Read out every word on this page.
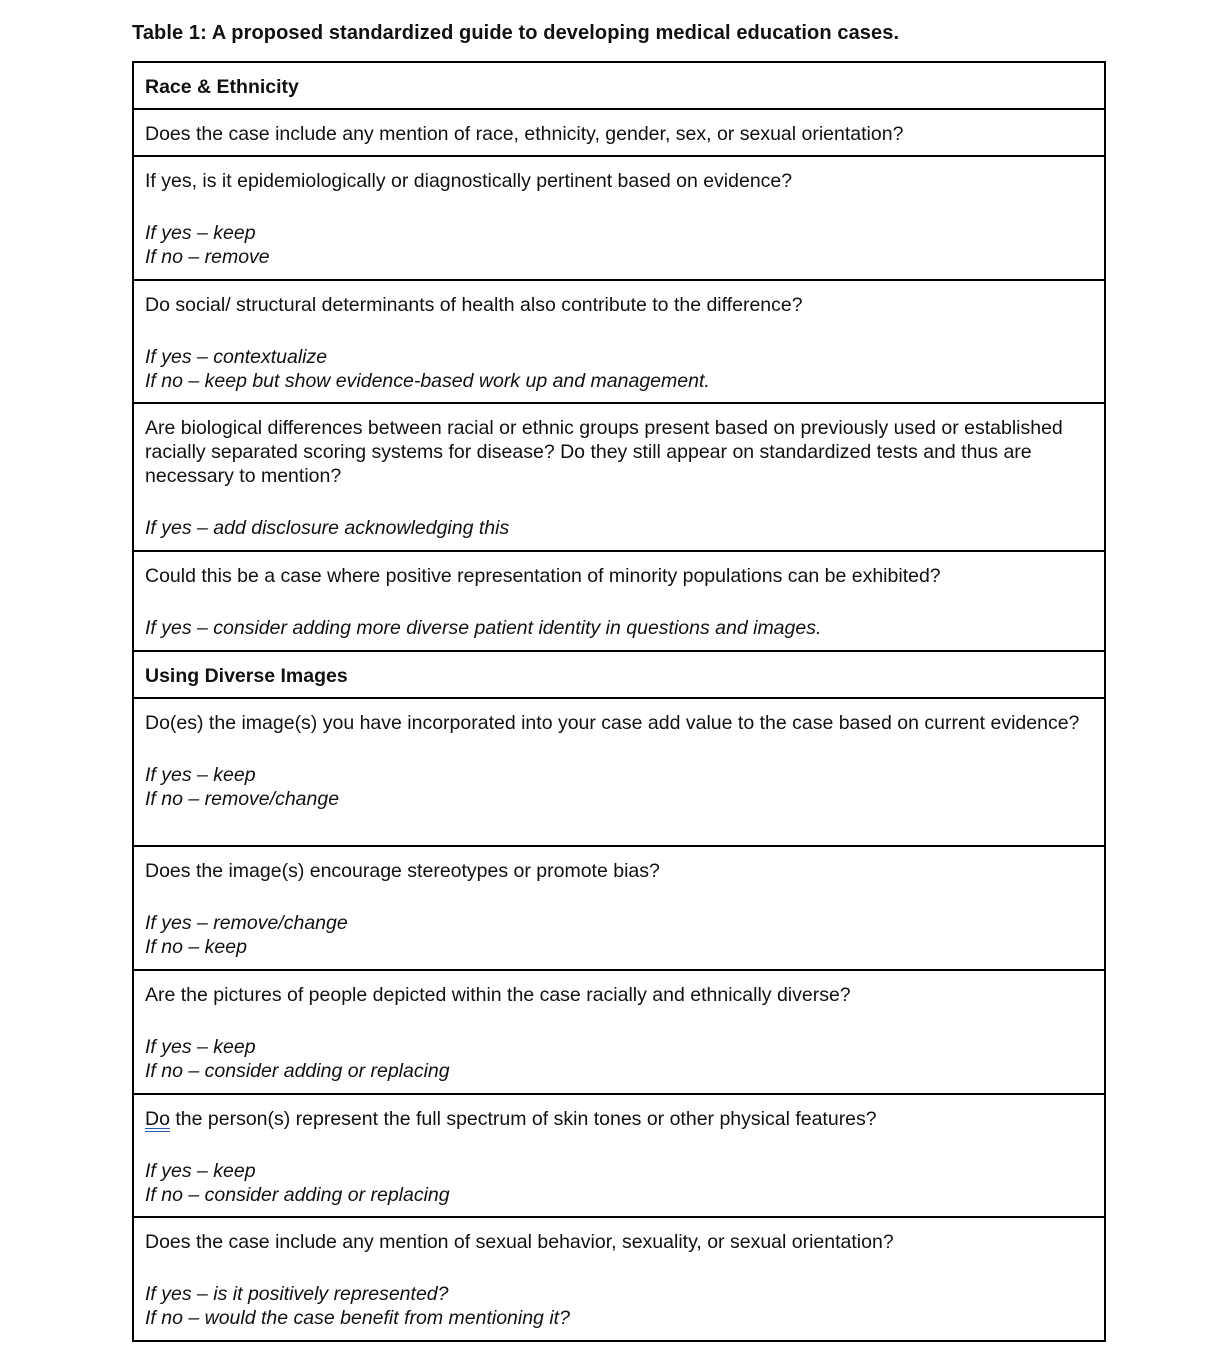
Table 1: A proposed standardized guide to developing medical education cases.
Race & Ethnicity
Does the case include any mention of race, ethnicity, gender, sex, or sexual orientation?
If yes, is it epidemiologically or diagnostically pertinent based on evidence?
If yes – keep
If no – remove
Do social/ structural determinants of health also contribute to the difference?
If yes – contextualize
If no – keep but show evidence-based work up and management.
Are biological differences between racial or ethnic groups present based on previously used or established racially separated scoring systems for disease? Do they still appear on standardized tests and thus are necessary to mention?
If yes – add disclosure acknowledging this
Could this be a case where positive representation of minority populations can be exhibited?
If yes – consider adding more diverse patient identity in questions and images.
Using Diverse Images
Do(es) the image(s) you have incorporated into your case add value to the case based on current evidence?
If yes – keep
If no – remove/change
Does the image(s) encourage stereotypes or promote bias?
If yes – remove/change
If no – keep
Are the pictures of people depicted within the case racially and ethnically diverse?
If yes – keep
If no – consider adding or replacing
Do the person(s) represent the full spectrum of skin tones or other physical features?
If yes – keep
If no – consider adding or replacing
Does the case include any mention of sexual behavior, sexuality, or sexual orientation?
If yes – is it positively represented?
If no – would the case benefit from mentioning it?
